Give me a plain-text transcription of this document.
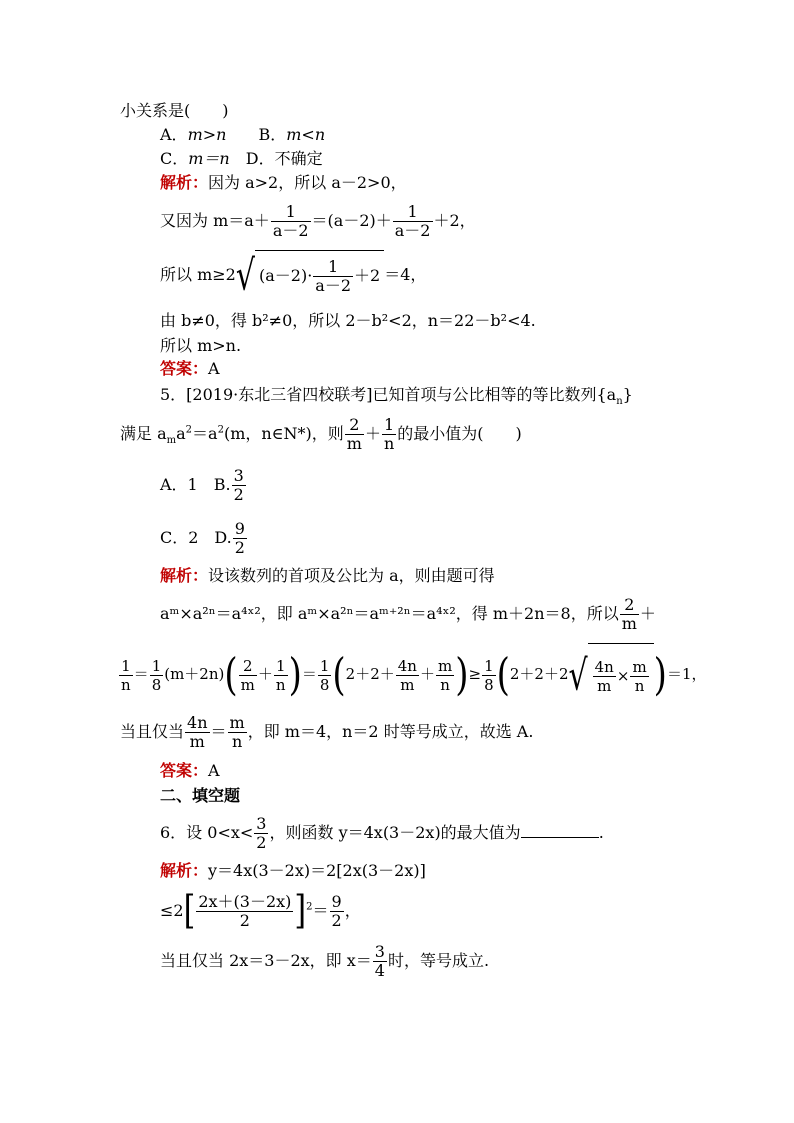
小关系是(　　)
A．m>n　　 B．m<n
C．m＝n　 D．不确定
解析：因为 a>2，所以 a－2>0，
又因为 $m=a+ \frac{1}{a-2} =(a-2)+ \frac{1}{a-2} +2$，
所以 m≥2√ $(a-2)\cdot \frac{1}{a-2} +2 =4$，
由 b≠0，得 b²≠0，所以 2－b²<2，n＝22－b²<4.
所以 m>n.
答案：A
5．[2019·东北三省四校联考]已知首项与公比相等的等比数列$\{a_n\}$
满足 $a_ma^2=a^2(m$，n∈N*)，则 $\frac{2}{m} + \frac{1}{n}$ 的最小值为(　　)
A．1　B. $\frac{3}{2}$
C．2　D. $\frac{9}{2}$
解析：设该数列的首项及公比为 a，则由题可得
aᵐ×a²ⁿ＝a⁴ˣ²，即 aᵐ×a²ⁿ＝aᵐ⁺²ⁿ＝a⁴ˣ²，得 m＋2n＝8，所以 $\frac{2}{m}$ ＋
$\frac{1}{n} = \frac{1}{8} (m+2n)( \frac{2}{m} + \frac{1}{n}$ )＝ $\frac{1}{8} (2+2+ \frac{4n}{m} + \frac{m}{n}$ )≥ $\frac{1}{8} (2+2+2√ \frac{4n}{m} \times \frac{m}{n} )=1$，
当且仅当 $\frac{4n}{m} = \frac{m}{n}$ ，即 m＝4，n＝2 时等号成立，故选 A.
答案：A
二、填空题
6．设 $0<x< \frac{3}{2}$ ，则函数 y＝4x(3－2x)的最大值为	.
解析：y＝4x(3－2x)＝2[2x(3－2x)]
$\le 2[ \frac{2x+(3-2x)}{2} ]^2= \frac{9}{2}$ ，
当且仅当 2x＝3－2x，即 $x= \frac{3}{4}$ 时，等号成立.
